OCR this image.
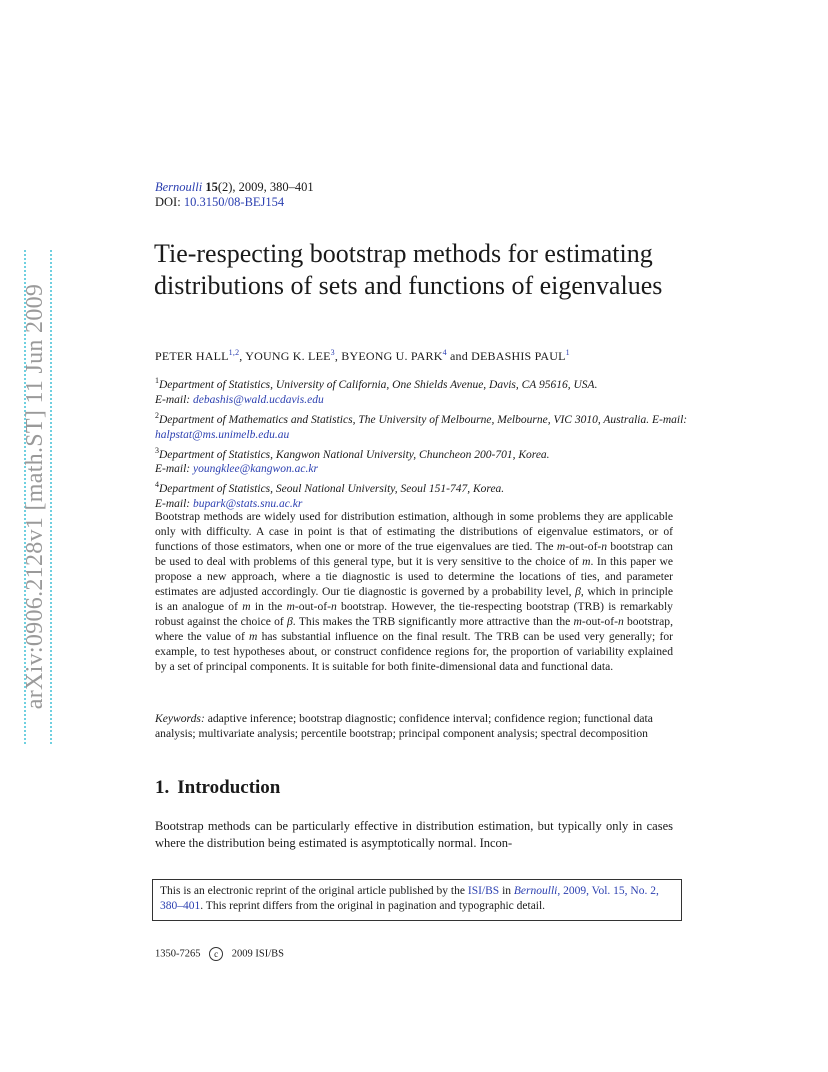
arXiv:0906.2128v1 [math.ST] 11 Jun 2009
Bernoulli 15(2), 2009, 380–401
DOI: 10.3150/08-BEJ154
Tie-respecting bootstrap methods for estimating distributions of sets and functions of eigenvalues
PETER HALL$^{1,2}$, YOUNG K. LEE$^3$, BYEONG U. PARK$^4$ and DEBASHIS PAUL$^1$
$^1$Department of Statistics, University of California, One Shields Avenue, Davis, CA 95616, USA.
E-mail: debashis@wald.ucdavis.edu
$^2$Department of Mathematics and Statistics, The University of Melbourne, Melbourne, VIC 3010, Australia. E-mail: halpstat@ms.unimelb.edu.au
$^3$Department of Statistics, Kangwon National University, Chuncheon 200-701, Korea.
E-mail: youngklee@kangwon.ac.kr
$^4$Department of Statistics, Seoul National University, Seoul 151-747, Korea.
E-mail: bupark@stats.snu.ac.kr
Bootstrap methods are widely used for distribution estimation, although in some problems they are applicable only with difficulty. A case in point is that of estimating the distributions of eigenvalue estimators, or of functions of those estimators, when one or more of the true eigenvalues are tied. The m-out-of-n bootstrap can be used to deal with problems of this general type, but it is very sensitive to the choice of m. In this paper we propose a new approach, where a tie diagnostic is used to determine the locations of ties, and parameter estimates are adjusted accordingly. Our tie diagnostic is governed by a probability level, β, which in principle is an analogue of m in the m-out-of-n bootstrap. However, the tie-respecting bootstrap (TRB) is remarkably robust against the choice of β. This makes the TRB significantly more attractive than the m-out-of-n bootstrap, where the value of m has substantial influence on the final result. The TRB can be used very generally; for example, to test hypotheses about, or construct confidence regions for, the proportion of variability explained by a set of principal components. It is suitable for both finite-dimensional data and functional data.
Keywords: adaptive inference; bootstrap diagnostic; confidence interval; confidence region; functional data analysis; multivariate analysis; percentile bootstrap; principal component analysis; spectral decomposition
1. Introduction
Bootstrap methods can be particularly effective in distribution estimation, but typically only in cases where the distribution being estimated is asymptotically normal. Incon-
This is an electronic reprint of the original article published by the ISI/BS in Bernoulli, 2009, Vol. 15, No. 2, 380–401. This reprint differs from the original in pagination and typographic detail.
1350-7265 c 2009 ISI/BS
